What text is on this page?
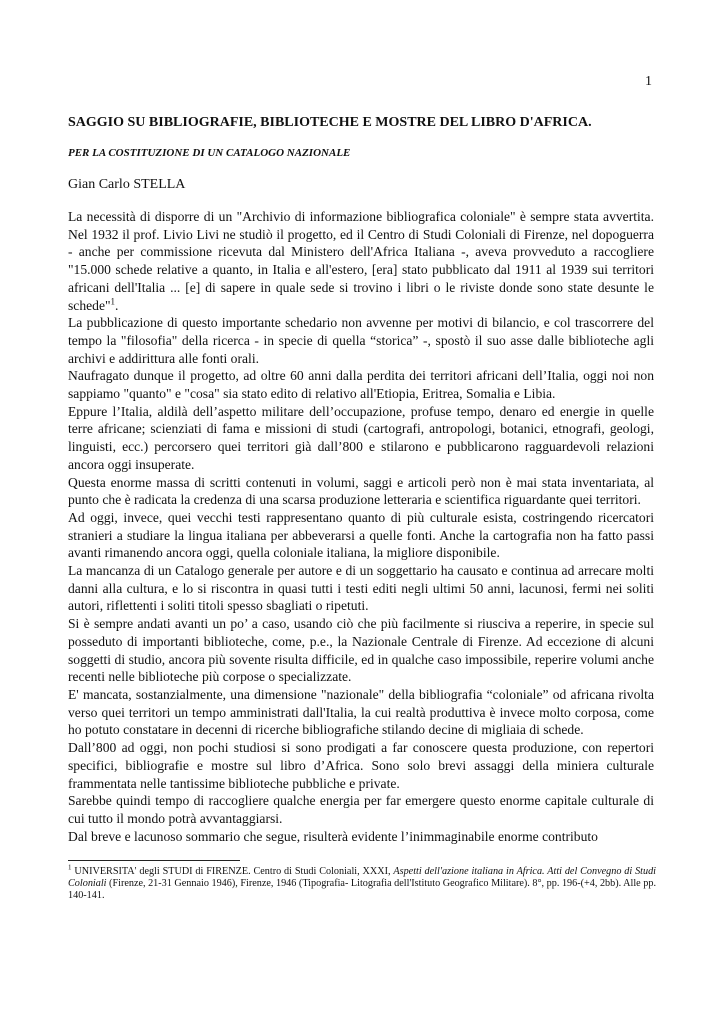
1
SAGGIO SU BIBLIOGRAFIE, BIBLIOTECHE E MOSTRE DEL LIBRO D'AFRICA.
PER LA COSTITUZIONE DI UN CATALOGO NAZIONALE
Gian Carlo STELLA

La necessità di disporre di un "Archivio di informazione bibliografica coloniale" è sempre stata avvertita. Nel 1932 il prof. Livio Livi ne studiò il progetto, ed il Centro di Studi Coloniali di Firenze, nel dopoguerra - anche per commissione ricevuta dal Ministero dell'Africa Italiana -, aveva provveduto a raccogliere "15.000 schede relative a quanto, in Italia e all'estero, [era] stato pubblicato dal 1911 al 1939 sui territori africani dell'Italia ... [e] di sapere in quale sede si trovino i libri o le riviste donde sono state desunte le schede"$^1$.

La pubblicazione di questo importante schedario non avvenne per motivi di bilancio, e col trascorrere del tempo la "filosofia" della ricerca - in specie di quella “storica” -, spostò il suo asse dalle biblioteche agli archivi e addirittura alle fonti orali.

Naufragato dunque il progetto, ad oltre 60 anni dalla perdita dei territori africani dell’Italia, oggi noi non sappiamo "quanto" e "cosa" sia stato edito di relativo all'Etiopia, Eritrea, Somalia e Libia.

Eppure l’Italia, aldilà dell’aspetto militare dell’occupazione, profuse tempo, denaro ed energie in quelle terre africane; scienziati di fama e missioni di studi (cartografi, antropologi, botanici, etnografi, geologi, linguisti, ecc.) percorsero quei territori già dall’800 e stilarono e pubblicarono ragguardevoli relazioni ancora oggi insuperate.

Questa enorme massa di scritti contenuti in volumi, saggi e articoli però non è mai stata inventariata, al punto che è radicata la credenza di una scarsa produzione letteraria e scientifica riguardante quei territori.

Ad oggi, invece, quei vecchi testi rappresentano quanto di più culturale esista, costringendo ricercatori stranieri a studiare la lingua italiana per abbeverarsi a quelle fonti. Anche la cartografia non ha fatto passi avanti rimanendo ancora oggi, quella coloniale italiana, la migliore disponibile.

La mancanza di un Catalogo generale per autore e di un soggettario ha causato e continua ad arrecare molti danni alla cultura, e lo si riscontra in quasi tutti i testi editi negli ultimi 50 anni, lacunosi, fermi nei soliti autori, riflettenti i soliti titoli spesso sbagliati o ripetuti.

Si è sempre andati avanti un po’ a caso, usando ciò che più facilmente si riusciva a reperire, in specie sul posseduto di importanti biblioteche, come, p.e., la Nazionale Centrale di Firenze. Ad eccezione di alcuni soggetti di studio, ancora più sovente risulta difficile, ed in qualche caso impossibile, reperire volumi anche recenti nelle biblioteche più corpose o specializzate.

E' mancata, sostanzialmente, una dimensione "nazionale" della bibliografia “coloniale” od africana rivolta verso quei territori un tempo amministrati dall'Italia, la cui realtà produttiva è invece molto corposa, come ho potuto constatare in decenni di ricerche bibliografiche stilando decine di migliaia di schede.

Dall’800 ad oggi, non pochi studiosi si sono prodigati a far conoscere questa produzione, con repertori specifici, bibliografie e mostre sul libro d’Africa. Sono solo brevi assaggi della miniera culturale frammentata nelle tantissime biblioteche pubbliche e private.

Sarebbe quindi tempo di raccogliere qualche energia per far emergere questo enorme capitale culturale di cui tutto il mondo potrà avvantaggiarsi.

Dal breve e lacunoso sommario che segue, risulterà evidente l’inimmaginabile enorme contributo

$^1$ UNIVERSITA' degli STUDI di FIRENZE. Centro di Studi Coloniali, XXXI, Aspetti dell'azione italiana in Africa. Atti del Convegno di Studi Coloniali (Firenze, 21-31 Gennaio 1946), Firenze, 1946 (Tipografia- Litografia dell'Istituto Geografico Militare). 8°, pp. 196-(+4, 2bb). Alle pp. 140-141.
